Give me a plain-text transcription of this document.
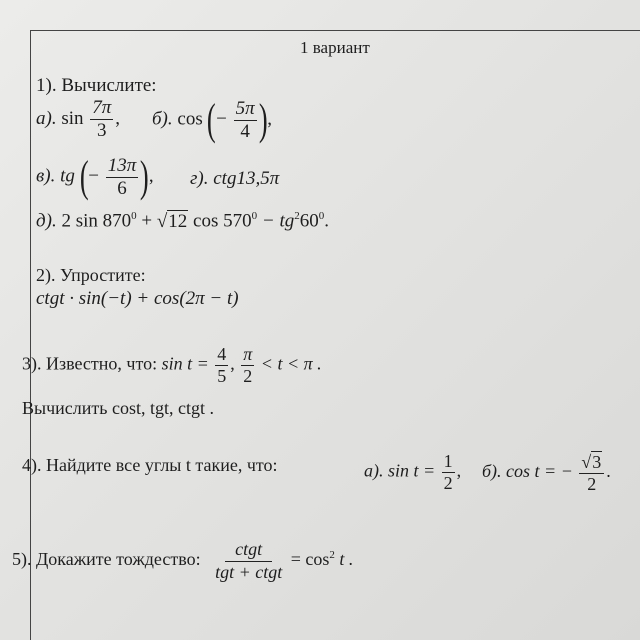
1 вариант
1). Вычислите:
а). $\sin \frac{7\pi}{3}$ , б). cos (− $\frac{5\pi}{4}$ ),
в). tg (− $\frac{13\pi}{6}$ ), г). ctg13,5π
д). 2 $\sin 870^0 + √12$ $\cos 570^0 - tg^260^0$.
2). Упростите:
ctgt · sin(−t) + cos(2π − t)
3). Известно, что: $\sin t = \frac{4}{5}$ , $\frac{\pi}{2} < t < \pi$ .
Вычислить cost, tgt, ctgt .
4). Найдите все углы t такие, что:	а). $\sin t = \frac{1}{2}$ , б). cos t = − $\frac{√3}{2}$ .
5). Докажите тождество: $\frac{\text{ctgt}}{\text{tgt + ctgt}} = \cos^2 t$ .
